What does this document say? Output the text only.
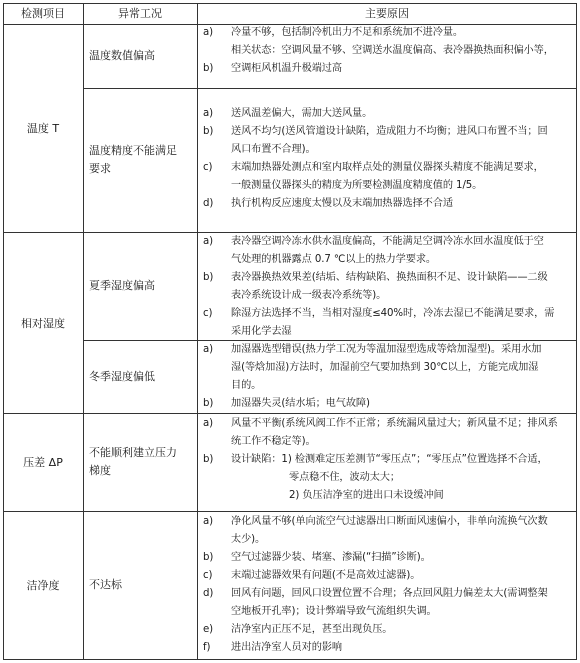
检测项目	异常工况	主要原因
温度 T
相对湿度
压差 ΔP
洁净度
温度数值偏高
温度精度不能满足
要求
夏季湿度偏高
冬季湿度偏低
不能顺利建立压力
梯度
不达标
a) 冷量不够，包括制冷机出力不足和系统加不进冷量。
相关状态：空调风量不够、空调送水温度偏高、表冷器换热面积偏小等，
b) 空调柜风机温升极端过高
a) 送风温差偏大，需加大送风量。
b) 送风不均匀(送风管道设计缺陷，造成阻力不均衡；进风口布置不当；回
风口布置不合理)。
c) 末端加热器处测点和室内取样点处的测量仪器探头精度不能满足要求，
一般测量仪器探头的精度为所要检测温度精度值的 1/5。
d) 执行机构反应速度太慢以及末端加热器选择不合适
a) 表冷器空调冷冻水供水温度偏高，不能满足空调冷冻水回水温度低于空
气处理的机器露点 0.7 ℃以上的热力学要求。
b) 表冷器换热效果差(结垢、结构缺陷、换热面积不足、设计缺陷——二级
表冷系统设计成一级表冷系统等)。
c) 除湿方法选择不当，当相对湿度≤40%时，冷冻去湿已不能满足要求，需
采用化学去湿
a) 加湿器选型错误(热力学工况为等温加湿型选成等焓加湿型)。采用水加
湿(等焓加湿)方法时，加湿前空气要加热到 30℃以上，方能完成加湿
目的。
b) 加湿器失灵(结水垢；电气故障)
a) 风量不平衡(系统风阀工作不正常；系统漏风量过大；新风量不足；排风系
统工作不稳定等)。
b) 设计缺陷：1) 检测难定压差测节“零压点”；“零压点”位置选择不合适，
零点稳不住，波动太大；
2) 负压洁净室的进出口未设缓冲间
a) 净化风量不够(单向流空气过滤器出口断面风速偏小，非单向流换气次数
太少)。
b) 空气过滤器少装、堵塞、渗漏(“扫描”诊断)。
c) 末端过滤器效果有问题(不是高效过滤器)。
d) 回风有问题，回风口设置位置不合理；各点回风阻力偏差太大(需调整架
空地板开孔率)；设计弊端导致气流组织失调。
e) 洁净室内正压不足，甚至出现负压。
f) 进出洁净室人员对的影响
